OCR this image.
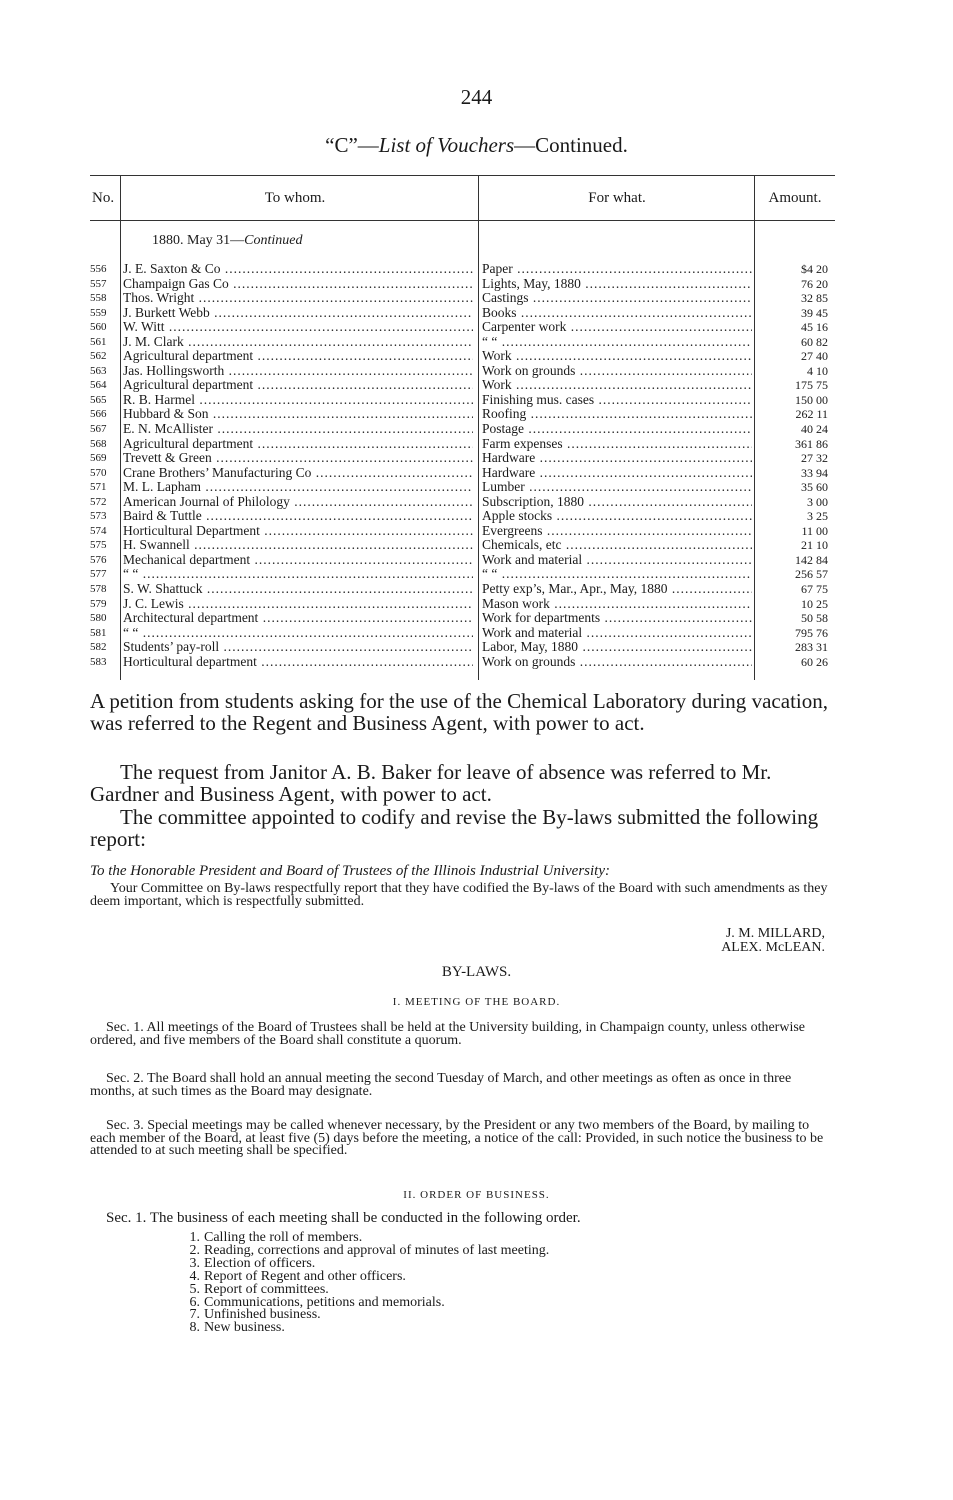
244
“C”—List of Vouchers—Continued.
No.	To whom.	For what.	Amount.
1880. May 31—Continued
556	J. E. Saxton & Co .....	Paper .....	$4 20
557	Champaign Gas Co .....	Lights, May, 1880 .....	76 20
558	Thos. Wright .....	Castings .....	32 85
559	J. Burkett Webb .....	Books .....	39 45
560	W. Witt .....	Carpenter work .....	45 16
561	J. M. Clark .....	“ “ .....	60 82
562	Agricultural department .....	Work .....	27 40
563	Jas. Hollingsworth .....	Work on grounds .....	4 10
564	Agricultural department .....	Work .....	175 75
565	R. B. Harmel .....	Finishing mus. cases .....	150 00
566	Hubbard & Son .....	Roofing .....	262 11
567	E. N. McAllister .....	Postage .....	40 24
568	Agricultural department .....	Farm expenses .....	361 86
569	Trevett & Green .....	Hardware .....	27 32
570	Crane Brothers’ Manufacturing Co .....	Hardware .....	33 94
571	M. L. Lapham .....	Lumber .....	35 60
572	American Journal of Philology .....	Subscription, 1880 .....	3 00
573	Baird & Tuttle .....	Apple stocks .....	3 25
574	Horticultural Department .....	Evergreens .....	11 00
575	H. Swannell .....	Chemicals, etc .....	21 10
576	Mechanical department .....	Work and material .....	142 84
577	“ “ .....	“ “ .....	256 57
578	S. W. Shattuck .....	Petty exp’s, Mar., Apr., May, 1880 .....	67 75
579	J. C. Lewis .....	Mason work .....	10 25
580	Architectural department .....	Work for departments .....	50 58
581	“ “ .....	Work and material .....	795 76
582	Students’ pay-roll .....	Labor, May, 1880 .....	283 31
583	Horticultural department .....	Work on grounds .....	60 26
A petition from students asking for the use of the Chemical Laboratory during vacation, was referred to the Regent and Business Agent, with power to act.
The request from Janitor A. B. Baker for leave of absence was referred to Mr. Gardner and Business Agent, with power to act.
The committee appointed to codify and revise the By-laws submitted the following report:
To the Honorable President and Board of Trustees of the Illinois Industrial University:
Your Committee on By-laws respectfully report that they have codified the By-laws of the Board with such amendments as they deem important, which is respectfully submitted.
J. M. MILLARD,
ALEX. McLEAN.
BY-LAWS.
I. MEETING OF THE BOARD.
Sec. 1. All meetings of the Board of Trustees shall be held at the University building, in Champaign county, unless otherwise ordered, and five members of the Board shall constitute a quorum.
Sec. 2. The Board shall hold an annual meeting the second Tuesday of March, and other meetings as often as once in three months, at such times as the Board may designate.
Sec. 3. Special meetings may be called whenever necessary, by the President or any two members of the Board, by mailing to each member of the Board, at least five (5) days before the meeting, a notice of the call: Provided, in such notice the business to be attended to at such meeting shall be specified.
II. ORDER OF BUSINESS.
Sec. 1. The business of each meeting shall be conducted in the following order.
1. Calling the roll of members.
2. Reading, corrections and approval of minutes of last meeting.
3. Election of officers.
4. Report of Regent and other officers.
5. Report of committees.
6. Communications, petitions and memorials.
7. Unfinished business.
8. New business.
